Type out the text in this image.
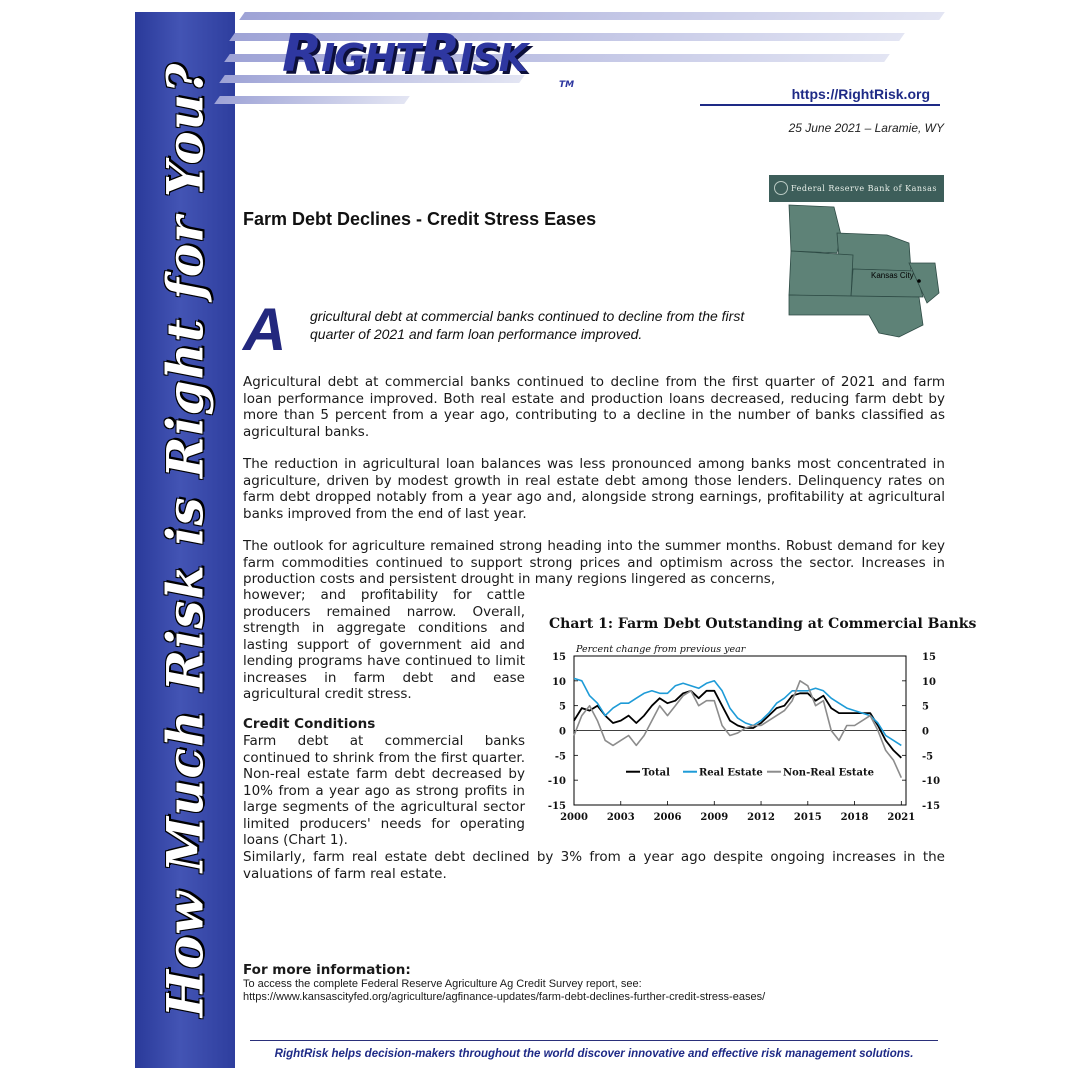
How Much Risk is Right for You?
RIGHTRISK
TM
https://RightRisk.org
25 June 2021 – Laramie, WY
Farm Debt Declines - Credit Stress Eases
Federal Reserve Bank of Kansas
Kansas City
A gricultural debt at commercial banks continued to decline from the first quarter of 2021 and farm loan performance improved.

Agricultural debt at commercial banks continued to decline from the first quarter of 2021 and farm loan performance improved. Both real estate and production loans decreased, reducing farm debt by more than 5 percent from a year ago, contributing to a decline in the number of banks classified as agricultural banks.

The reduction in agricultural loan balances was less pronounced among banks most concentrated in agriculture, driven by modest growth in real estate debt among those lenders. Delinquency rates on farm debt dropped notably from a year ago and, alongside strong earnings, profitability at agricultural banks improved from the end of last year.

The outlook for agriculture remained strong heading into the summer months. Robust demand for key farm commodities continued to support strong prices and optimism across the sector. Increases in production costs and persistent drought in many regions lingered as concerns,

however; and profitability for cattle producers remained narrow. Overall, strength in aggregate conditions and lasting support of government aid and lending programs have continued to limit increases in farm debt and ease agricultural credit stress.

Credit Conditions

Farm debt at commercial banks continued to shrink from the first quarter. Non-real estate farm debt decreased by 10% from a year ago as strong profits in large segments of the agricultural sector limited producers' needs for operating loans (Chart 1).

Similarly, farm real estate debt declined by 3% from a year ago despite ongoing increases in the valuations of farm real estate.

Chart 1: Farm Debt Outstanding at Commercial Banks
Percent change from previous year
15	15
10	10
5	5
0	0
-5	-5
-10	-10
-15	-15
2000 2003 2006 2009 2012 2015 2018 2021
Total	Real Estate Non-Real Estate
For more information:
To access the complete Federal Reserve Agriculture Ag Credit Survey report, see:
https://www.kansascityfed.org/agriculture/agfinance-updates/farm-debt-declines-further-credit-stress-eases/
RightRisk helps decision-makers throughout the world discover innovative and effective risk management solutions.
